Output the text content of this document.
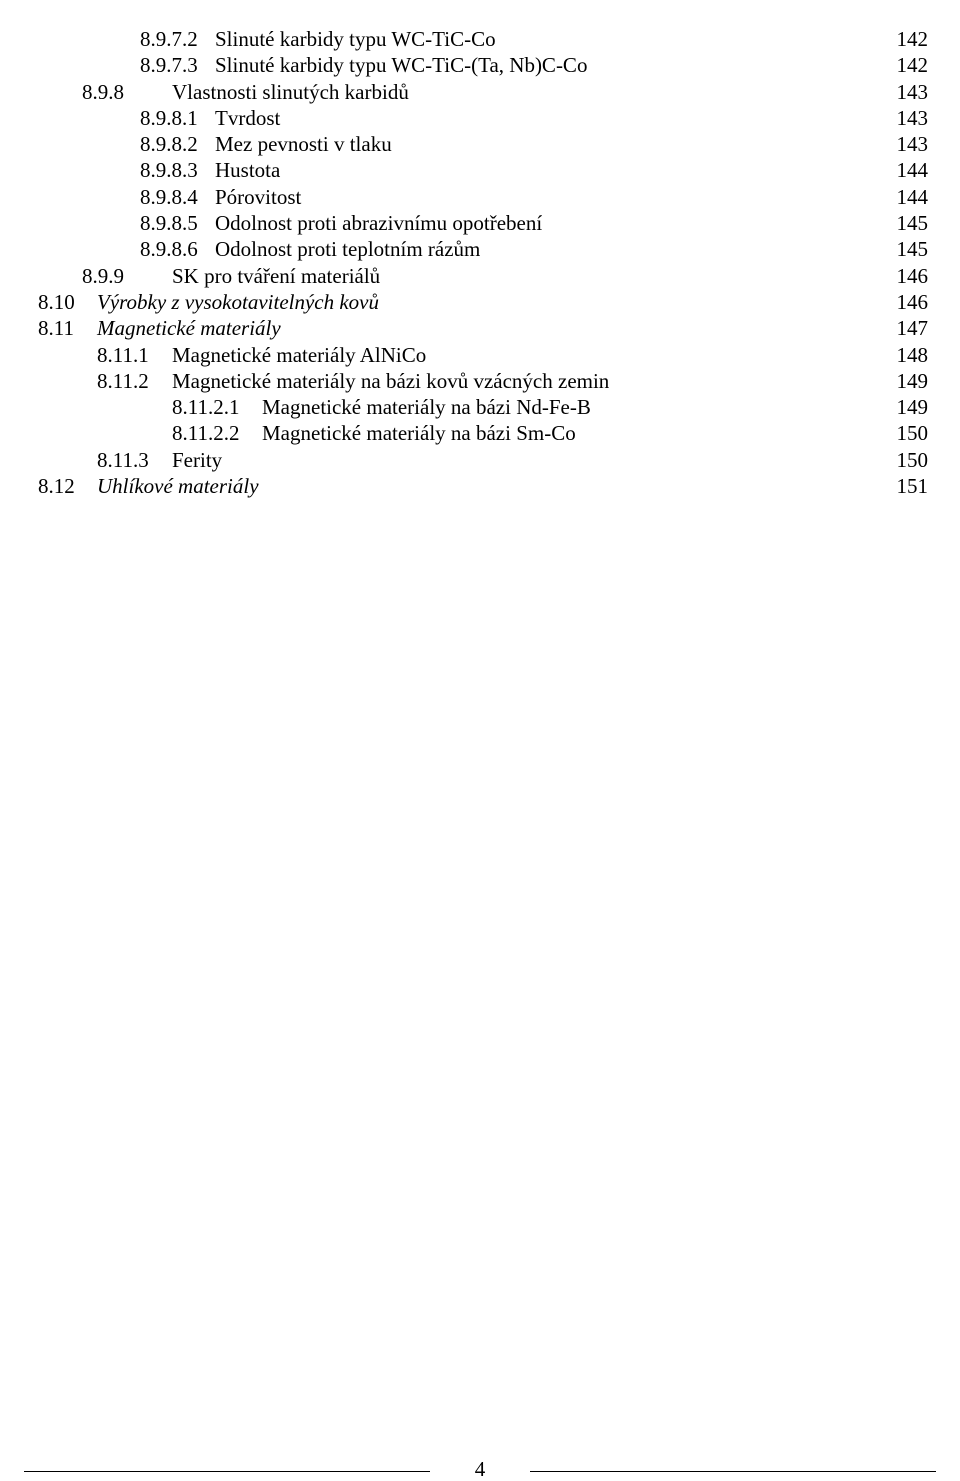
8.9.7.2 Slinuté karbidy typu WC-TiC-Co	142
8.9.7.3 Slinuté karbidy typu WC-TiC-(Ta, Nb)C-Co	142
8.9.8 Vlastnosti slinutých karbidů	143
8.9.8.1 Tvrdost	143
8.9.8.2 Mez pevnosti v tlaku	143
8.9.8.3 Hustota	144
8.9.8.4 Pórovitost	144
8.9.8.5 Odolnost proti abrazivnímu opotřebení	145
8.9.8.6 Odolnost proti teplotním rázům	145
8.9.9 SK pro tváření materiálů	146
8.10 Výrobky z vysokotavitelných kovů	146
8.11 Magnetické materiály	147
8.11.1 Magnetické materiály AlNiCo	148
8.11.2 Magnetické materiály na bázi kovů vzácných zemin	149
8.11.2.1 Magnetické materiály na bázi Nd-Fe-B	149
8.11.2.2 Magnetické materiály na bázi Sm-Co	150
8.11.3 Ferity	150
8.12 Uhlíkové materiály	151
4
